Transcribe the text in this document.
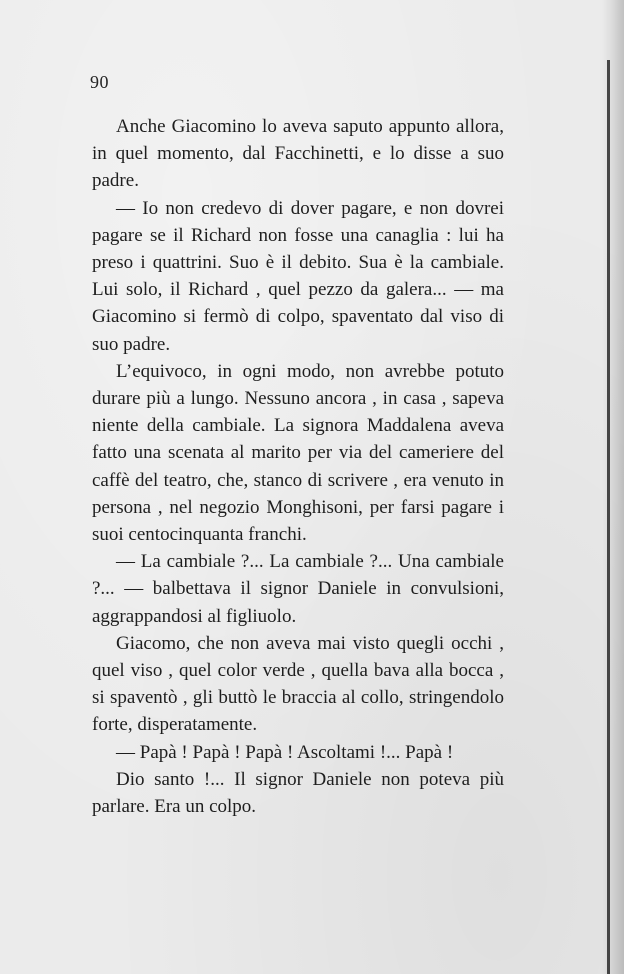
90

Anche Giacomino lo aveva saputo appunto allora, in quel momento, dal Facchinetti, e lo disse a suo padre.

— Io non credevo di dover pagare, e non dovrei pagare se il Richard non fosse una canaglia : lui ha preso i quattrini. Suo è il debito. Sua è la cambiale. Lui solo, il Richard , quel pezzo da galera... — ma Giacomino si fermò di colpo, spaventato dal viso di suo padre.

L’equivoco, in ogni modo, non avrebbe potuto durare più a lungo. Nessuno ancora , in casa , sapeva niente della cambiale. La signora Maddalena aveva fatto una scenata al marito per via del cameriere del caffè del teatro, che, stanco di scrivere , era venuto in persona , nel negozio Monghisoni, per farsi pagare i suoi centocinquanta franchi.

— La cambiale ?... La cambiale ?... Una cambiale ?... — balbettava il signor Daniele in convulsioni, aggrappandosi al figliuolo.

Giacomo, che non aveva mai visto quegli occhi , quel viso , quel color verde , quella bava alla bocca , si spaventò , gli buttò le braccia al collo, stringendolo forte, disperatamente.

— Papà ! Papà ! Papà ! Ascoltami !... Papà !

Dio santo !... Il signor Daniele non poteva più parlare. Era un colpo.
